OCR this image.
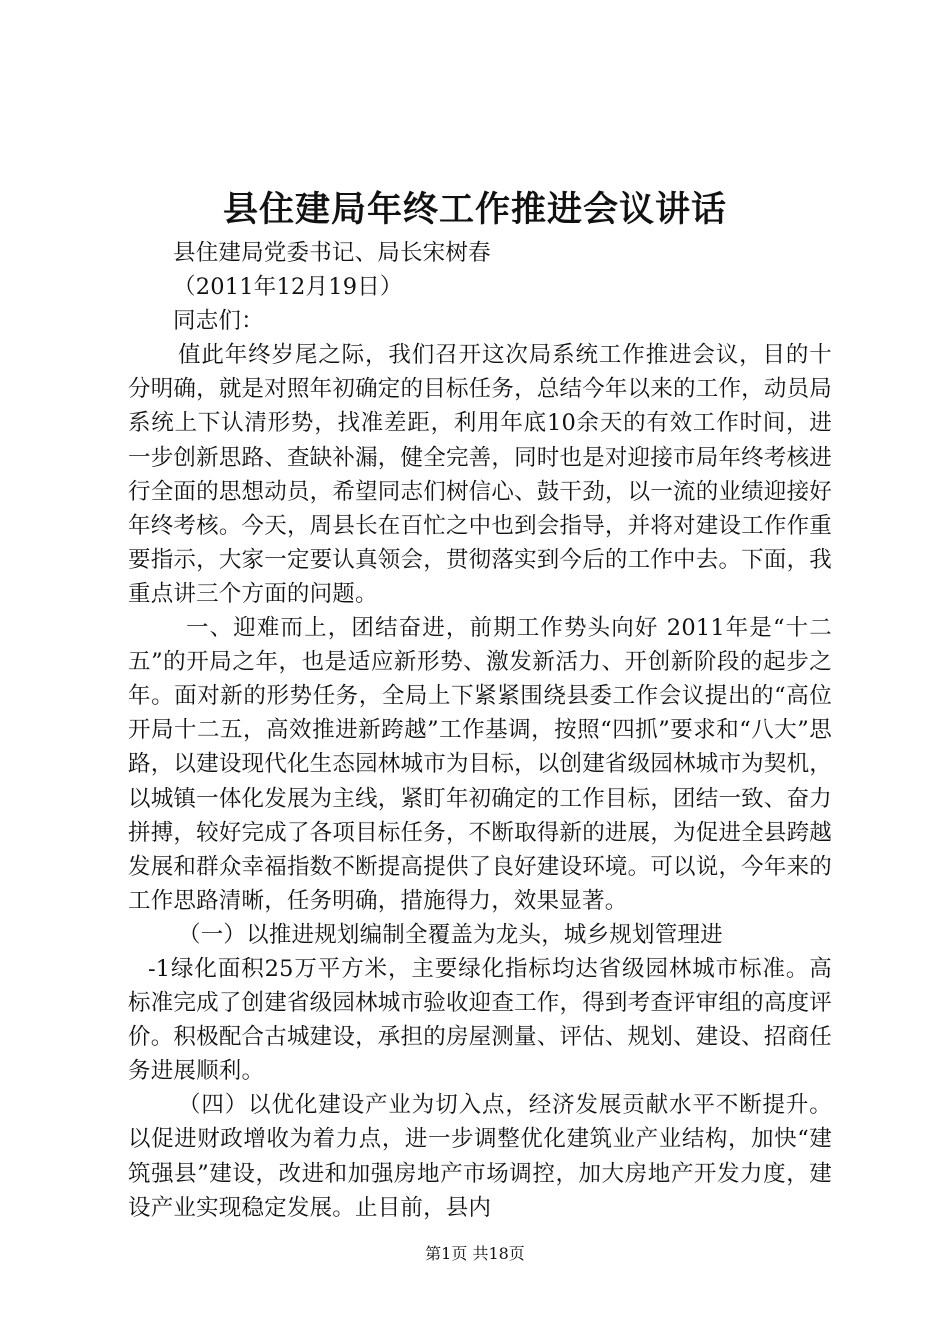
县住建局年终工作推进会议讲话

县住建局党委书记、局长宋树春

（2011年12月19日）

同志们：

值此年终岁尾之际，我们召开这次局系统工作推进会议，目的十分明确，就是对照年初确定的目标任务，总结今年以来的工作，动员局系统上下认清形势，找准差距，利用年底10余天的有效工作时间，进一步创新思路、查缺补漏，健全完善，同时也是对迎接市局年终考核进行全面的思想动员，希望同志们树信心、鼓干劲，以一流的业绩迎接好年终考核。今天，周县长在百忙之中也到会指导，并将对建设工作作重要指示，大家一定要认真领会，贯彻落实到今后的工作中去。下面，我重点讲三个方面的问题。

一、迎难而上，团结奋进，前期工作势头向好 2011年是“十二五”的开局之年，也是适应新形势、激发新活力、开创新阶段的起步之年。面对新的形势任务，全局上下紧紧围绕县委工作会议提出的“高位开局十二五，高效推进新跨越”工作基调，按照“四抓”要求和“八大”思路，以建设现代化生态园林城市为目标，以创建省级园林城市为契机，以城镇一体化发展为主线，紧盯年初确定的工作目标，团结一致、奋力拼搏，较好完成了各项目标任务，不断取得新的进展，为促进全县跨越发展和群众幸福指数不断提高提供了良好建设环境。可以说，今年来的工作思路清晰，任务明确，措施得力，效果显著。

（一）以推进规划编制全覆盖为龙头，城乡规划管理进

-1绿化面积25万平方米，主要绿化指标均达省级园林城市标准。高标准完成了创建省级园林城市验收迎查工作，得到考查评审组的高度评价。积极配合古城建设，承担的房屋测量、评估、规划、建设、招商任务进展顺利。

（四）以优化建设产业为切入点，经济发展贡献水平不断提升。以促进财政增收为着力点，进一步调整优化建筑业产业结构，加快“建筑强县”建设，改进和加强房地产市场调控，加大房地产开发力度，建设产业实现稳定发展。止目前，县内

第1页 共18页
